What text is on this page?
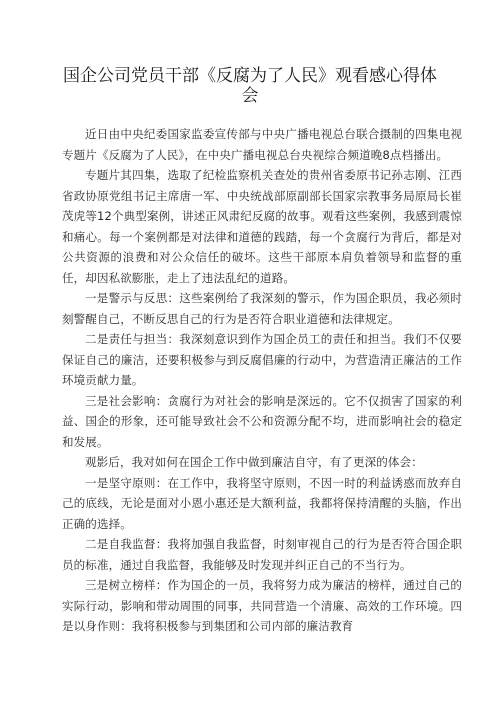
国企公司党员干部《反腐为了人民》观看感心得体会

近日由中央纪委国家监委宣传部与中央广播电视总台联合摄制的四集电视专题片《反腐为了人民》，在中央广播电视总台央视综合频道晚8点档播出。

专题片其四集，选取了纪检监察机关查处的贵州省委原书记孙志刚、江西省政协原党组书记主席唐一军、中央统战部原副部长国家宗教事务局原局长崔茂虎等12个典型案例，讲述正风肃纪反腐的故事。观看这些案例，我感到震惊和痛心。每一个案例都是对法律和道德的践踏，每一个贪腐行为背后，都是对公共资源的浪费和对公众信任的破坏。这些干部原本肩负着领导和监督的重任，却因私欲膨胀，走上了违法乱纪的道路。

一是警示与反思：这些案例给了我深刻的警示，作为国企职员，我必须时刻警醒自己，不断反思自己的行为是否符合职业道德和法律规定。

二是责任与担当：我深刻意识到作为国企员工的责任和担当。我们不仅要保证自己的廉洁，还要积极参与到反腐倡廉的行动中，为营造清正廉洁的工作环境贡献力量。

三是社会影响：贪腐行为对社会的影响是深远的。它不仅损害了国家的利益、国企的形象，还可能导致社会不公和资源分配不均，进而影响社会的稳定和发展。

观影后，我对如何在国企工作中做到廉洁自守，有了更深的体会：

一是坚守原则：在工作中，我将坚守原则，不因一时的利益诱惑而放弃自己的底线，无论是面对小恩小惠还是大额利益，我都将保持清醒的头脑，作出正确的选择。

二是自我监督：我将加强自我监督，时刻审视自己的行为是否符合国企职员的标准，通过自我监督，我能够及时发现并纠正自己的不当行为。

三是树立榜样：作为国企的一员，我将努力成为廉洁的榜样，通过自己的实际行动，影响和带动周围的同事，共同营造一个清廉、高效的工作环境。四是以身作则：我将积极参与到集团和公司内部的廉洁教育
